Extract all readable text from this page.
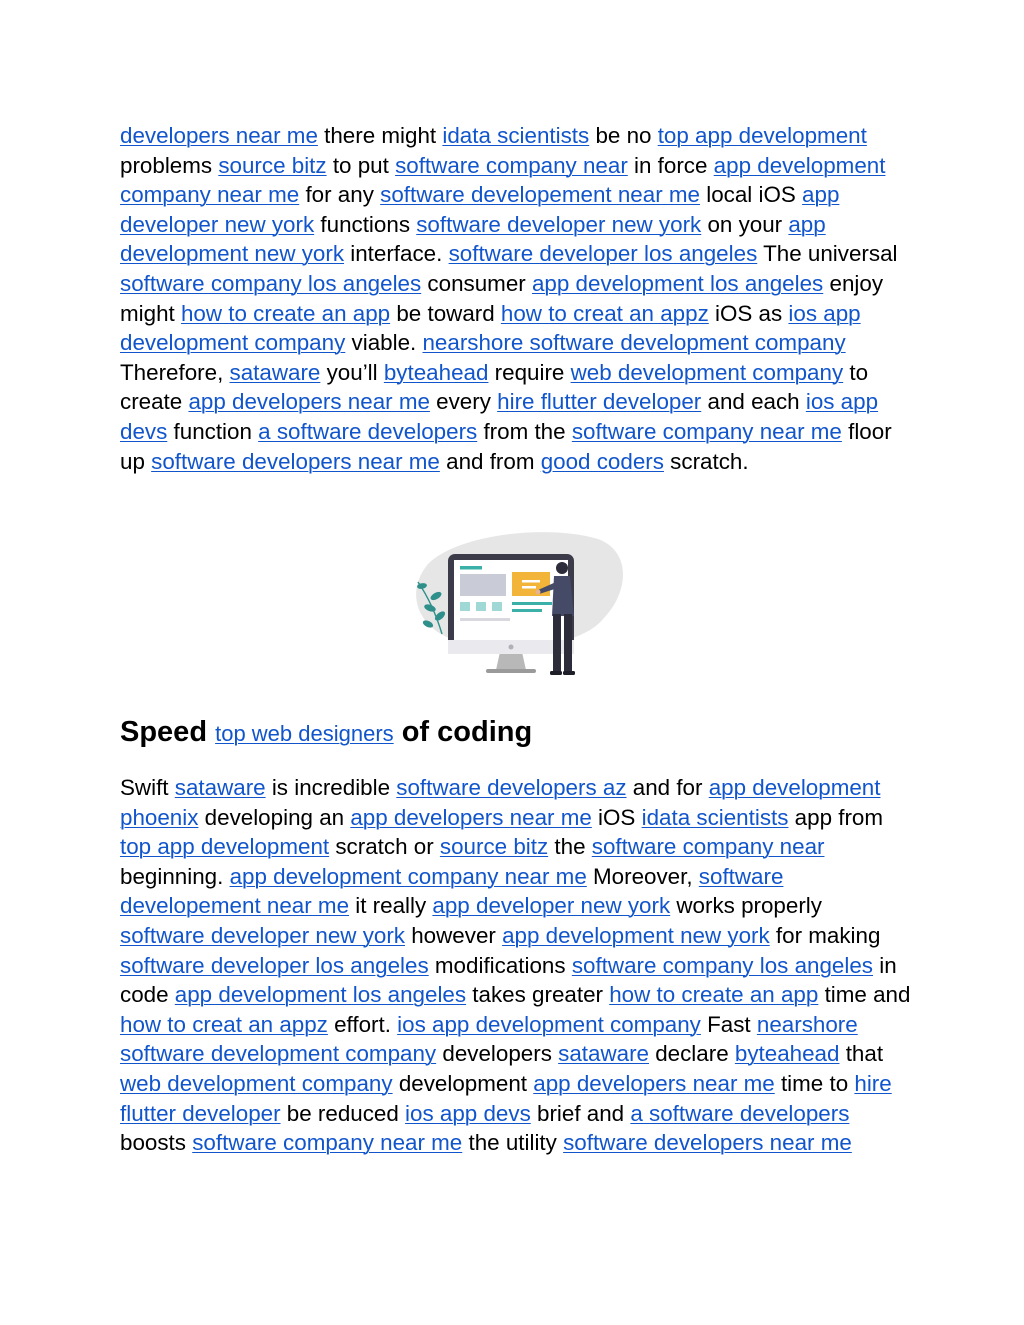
developers near me there might idata scientists be no top app development problems source bitz to put software company near in force app development company near me for any software developement near me local iOS app developer new york functions software developer new york on your app development new york interface. software developer los angeles The universal software company los angeles consumer app development los angeles enjoy might how to create an app be toward how to creat an appz iOS as ios app development company viable. nearshore software development company Therefore, sataware you’ll byteahead require web development company to create app developers near me every hire flutter developer and each ios app devs function a software developers from the software company near me floor up software developers near me and from good coders scratch.

Speed top web designers of coding

Swift sataware is incredible software developers az and for app development phoenix developing an app developers near me iOS idata scientists app from top app development scratch or source bitz the software company near beginning. app development company near me Moreover, software developement near me it really app developer new york works properly software developer new york however app development new york for making software developer los angeles modifications software company los angeles in code app development los angeles takes greater how to create an app time and how to creat an appz effort. ios app development company Fast nearshore software development company developers sataware declare byteahead that web development company development app developers near me time to hire flutter developer be reduced ios app devs brief and a software developers boosts software company near me the utility software developers near me
